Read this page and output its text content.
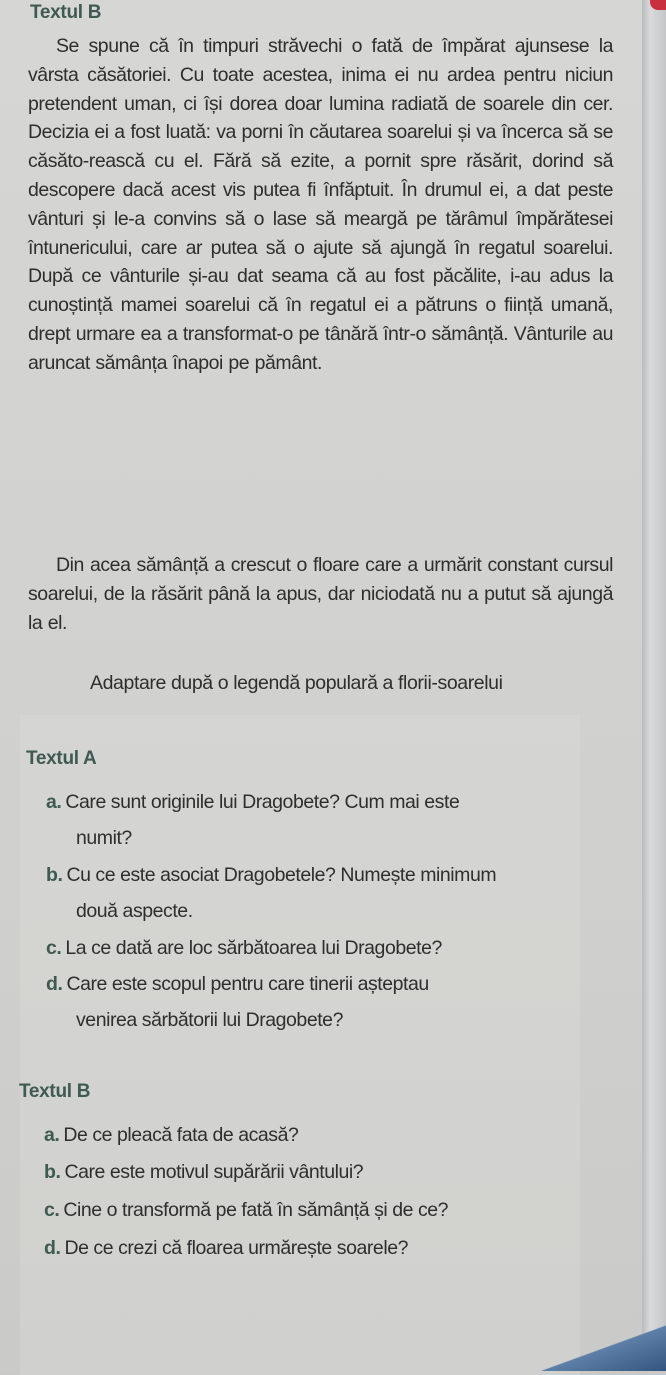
Textul B
Se spune că în timpuri străvechi o fată de împărat ajunsese la vârsta căsătoriei. Cu toate acestea, inima ei nu ardea pentru niciun pretendent uman, ci își dorea doar lumina radiată de soarele din cer. Decizia ei a fost luată: va porni în căutarea soarelui și va încerca să se căsăto-rească cu el. Fără să ezite, a pornit spre răsărit, dorind să descopere dacă acest vis putea fi înfăptuit. În drumul ei, a dat peste vânturi și le-a convins să o lase să meargă pe tărâmul împărătesei întunericului, care ar putea să o ajute să ajungă în regatul soarelui. După ce vânturile și-au dat seama că au fost păcălite, i-au adus la cunoștință mamei soarelui că în regatul ei a pătruns o ființă umană, drept urmare ea a transformat-o pe tânără într-o sămânță. Vânturile au aruncat sămânța înapoi pe pământ.
Din acea sămânță a crescut o floare care a urmărit constant cursul soarelui, de la răsărit până la apus, dar niciodată nu a putut să ajungă la el.
Adaptare după o legendă populară a florii-soarelui
Textul A
a. Care sunt originile lui Dragobete? Cum mai este
numit?
b. Cu ce este asociat Dragobetele? Numește minimum
două aspecte.
c. La ce dată are loc sărbătoarea lui Dragobete?
d. Care este scopul pentru care tinerii așteptau
venirea sărbătorii lui Dragobete?
Textul B
a. De ce pleacă fata de acasă?
b. Care este motivul supărării vântului?
c. Cine o transformă pe fată în sămânță și de ce?
d. De ce crezi că floarea urmărește soarele?
